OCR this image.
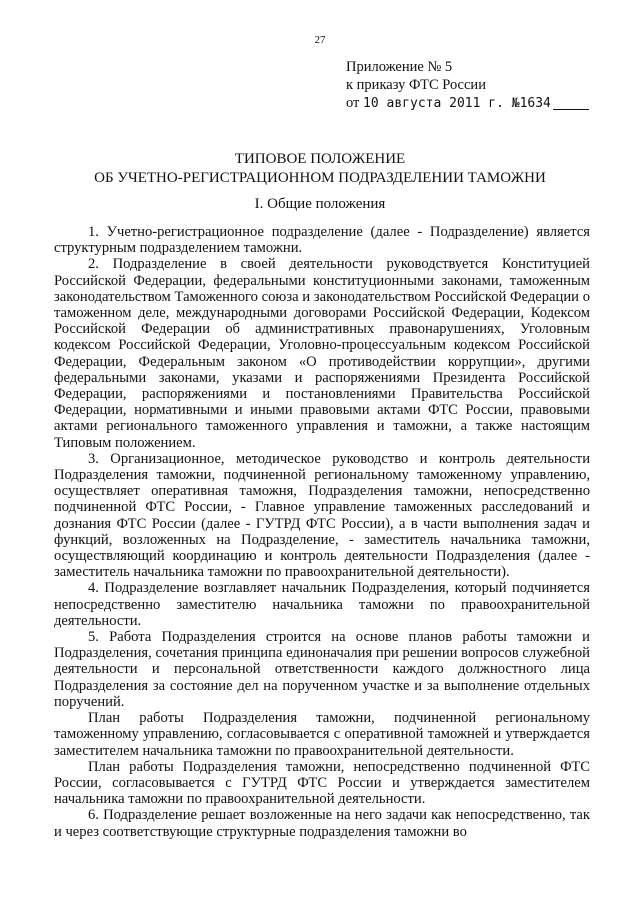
27
Приложение № 5
к приказу ФТС России
от 10 августа 2011 г. №1634
ТИПОВОЕ ПОЛОЖЕНИЕ
ОБ УЧЕТНО-РЕГИСТРАЦИОННОМ ПОДРАЗДЕЛЕНИИ ТАМОЖНИ
I. Общие положения

1. Учетно-регистрационное подразделение (далее - Подразделение) является структурным подразделением таможни.

2. Подразделение в своей деятельности руководствуется Конституцией Российской Федерации, федеральными конституционными законами, таможенным законодательством Таможенного союза и законодательством Российской Федерации о таможенном деле, международными договорами Российской Федерации, Кодексом Российской Федерации об административных правонарушениях, Уголовным кодексом Российской Федерации, Уголовно-процессуальным кодексом Российской Федерации, Федеральным законом «О противодействии коррупции», другими федеральными законами, указами и распоряжениями Президента Российской Федерации, распоряжениями и постановлениями Правительства Российской Федерации, нормативными и иными правовыми актами ФТС России, правовыми актами регионального таможенного управления и таможни, а также настоящим Типовым положением.

3. Организационное, методическое руководство и контроль деятельности Подразделения таможни, подчиненной региональному таможенному управлению, осуществляет оперативная таможня, Подразделения таможни, непосредственно подчиненной ФТС России, - Главное управление таможенных расследований и дознания ФТС России (далее - ГУТРД ФТС России), а в части выполнения задач и функций, возложенных на Подразделение, - заместитель начальника таможни, осуществляющий координацию и контроль деятельности Подразделения (далее - заместитель начальника таможни по правоохранительной деятельности).

4. Подразделение возглавляет начальник Подразделения, который подчиняется непосредственно заместителю начальника таможни по правоохранительной деятельности.

5. Работа Подразделения строится на основе планов работы таможни и Подразделения, сочетания принципа единоначалия при решении вопросов служебной деятельности и персональной ответственности каждого должностного лица Подразделения за состояние дел на порученном участке и за выполнение отдельных поручений.

План работы Подразделения таможни, подчиненной региональному таможенному управлению, согласовывается с оперативной таможней и утверждается заместителем начальника таможни по правоохранительной деятельности.

План работы Подразделения таможни, непосредственно подчиненной ФТС России, согласовывается с ГУТРД ФТС России и утверждается заместителем начальника таможни по правоохранительной деятельности.

6. Подразделение решает возложенные на него задачи как непосредственно, так и через соответствующие структурные подразделения таможни во
